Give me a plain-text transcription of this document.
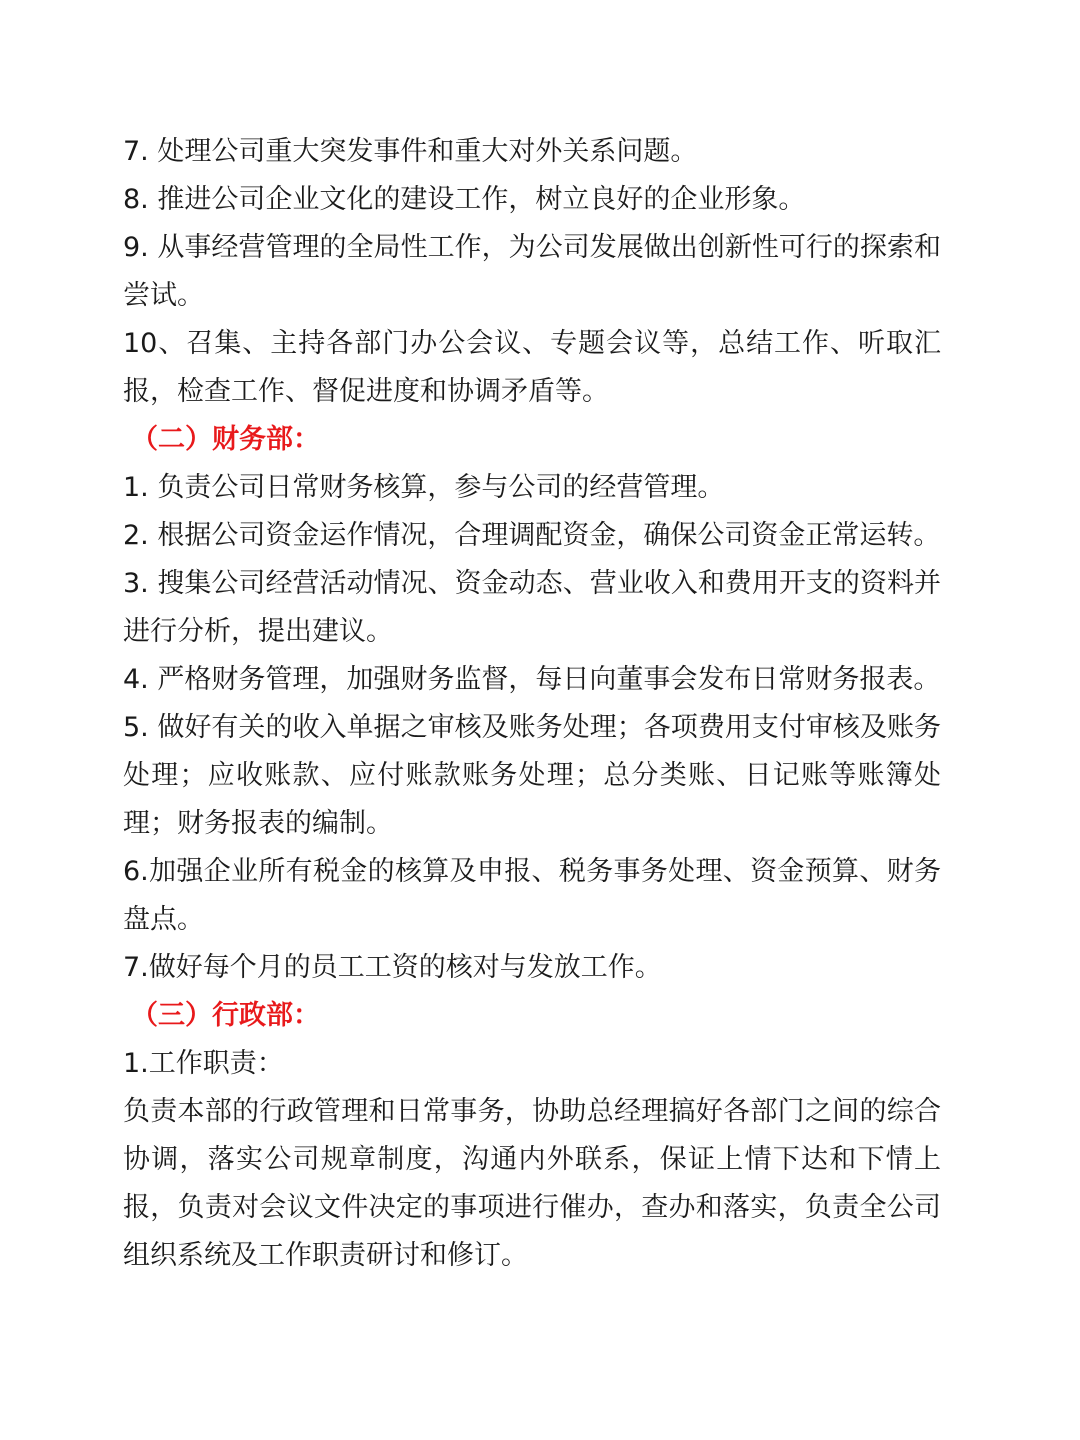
7. 处理公司重大突发事件和重大对外关系问题。
8. 推进公司企业文化的建设工作，树立良好的企业形象。
9. 从事经营管理的全局性工作，为公司发展做出创新性可行的探索和尝试。
10、召集、主持各部门办公会议、专题会议等，总结工作、听取汇报，检查工作、督促进度和协调矛盾等。
（二）财务部：
1. 负责公司日常财务核算，参与公司的经营管理。
2. 根据公司资金运作情况，合理调配资金，确保公司资金正常运转。
3. 搜集公司经营活动情况、资金动态、营业收入和费用开支的资料并进行分析，提出建议。
4. 严格财务管理，加强财务监督，每日向董事会发布日常财务报表。
5. 做好有关的收入单据之审核及账务处理；各项费用支付审核及账务处理；应收账款、应付账款账务处理；总分类账、日记账等账簿处理；财务报表的编制。
6.加强企业所有税金的核算及申报、税务事务处理、资金预算、财务盘点。
7.做好每个月的员工工资的核对与发放工作。
（三）行政部：
1.工作职责：
负责本部的行政管理和日常事务，协助总经理搞好各部门之间的综合协调，落实公司规章制度，沟通内外联系，保证上情下达和下情上报，负责对会议文件决定的事项进行催办，查办和落实，负责全公司组织系统及工作职责研讨和修订。
